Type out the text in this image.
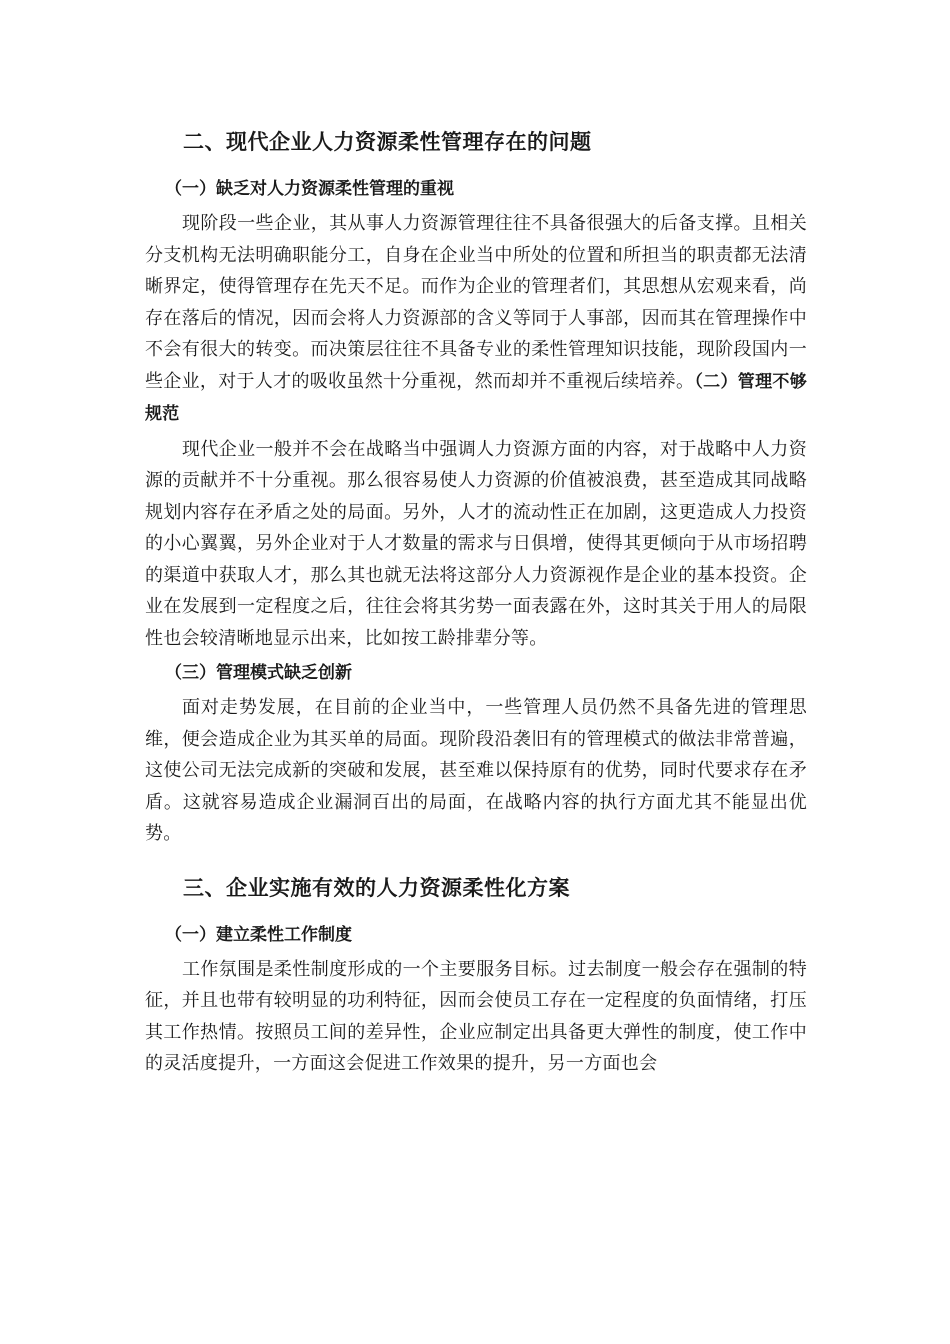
二、现代企业人力资源柔性管理存在的问题
（一）缺乏对人力资源柔性管理的重视

现阶段一些企业，其从事人力资源管理往往不具备很强大的后备支撑。且相关分支机构无法明确职能分工，自身在企业当中所处的位置和所担当的职责都无法清晰界定，使得管理存在先天不足。而作为企业的管理者们，其思想从宏观来看，尚存在落后的情况，因而会将人力资源部的含义等同于人事部，因而其在管理操作中不会有很大的转变。而决策层往往不具备专业的柔性管理知识技能，现阶段国内一些企业，对于人才的吸收虽然十分重视，然而却并不重视后续培养。（二）管理不够规范

现代企业一般并不会在战略当中强调人力资源方面的内容，对于战略中人力资源的贡献并不十分重视。那么很容易使人力资源的价值被浪费，甚至造成其同战略规划内容存在矛盾之处的局面。另外，人才的流动性正在加剧，这更造成人力投资的小心翼翼，另外企业对于人才数量的需求与日俱增，使得其更倾向于从市场招聘的渠道中获取人才，那么其也就无法将这部分人力资源视作是企业的基本投资。企业在发展到一定程度之后，往往会将其劣势一面表露在外，这时其关于用人的局限性也会较清晰地显示出来，比如按工龄排辈分等。

（三）管理模式缺乏创新

面对走势发展，在目前的企业当中，一些管理人员仍然不具备先进的管理思维，便会造成企业为其买单的局面。现阶段沿袭旧有的管理模式的做法非常普遍，这使公司无法完成新的突破和发展，甚至难以保持原有的优势，同时代要求存在矛盾。这就容易造成企业漏洞百出的局面，在战略内容的执行方面尤其不能显出优势。

三、企业实施有效的人力资源柔性化方案
（一）建立柔性工作制度

工作氛围是柔性制度形成的一个主要服务目标。过去制度一般会存在强制的特征，并且也带有较明显的功利特征，因而会使员工存在一定程度的负面情绪，打压其工作热情。按照员工间的差异性，企业应制定出具备更大弹性的制度，使工作中的灵活度提升，一方面这会促进工作效果的提升，另一方面也会
